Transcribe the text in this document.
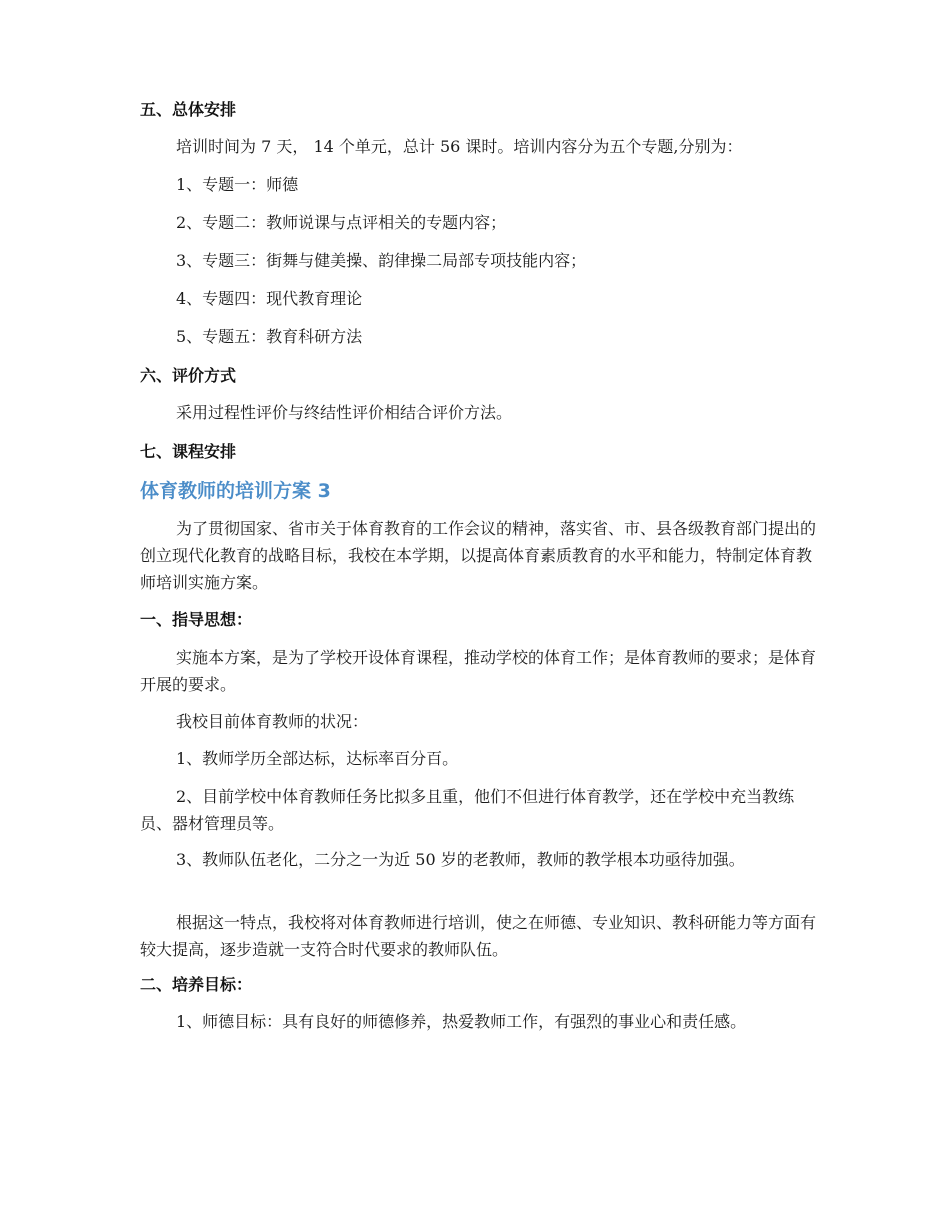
五、总体安排
培训时间为 7 天， 14 个单元，总计 56 课时。培训内容分为五个专题,分别为：
1、专题一：师德
2、专题二：教师说课与点评相关的专题内容；
3、专题三：街舞与健美操、韵律操二局部专项技能内容；
4、专题四：现代教育理论
5、专题五：教育科研方法
六、评价方式
采用过程性评价与终结性评价相结合评价方法。
七、课程安排
体育教师的培训方案 3
为了贯彻国家、省市关于体育教育的工作会议的精神，落实省、市、县各级教育部门提出的创立现代化教育的战略目标，我校在本学期，以提高体育素质教育的水平和能力，特制定体育教师培训实施方案。
一、指导思想：
实施本方案，是为了学校开设体育课程，推动学校的体育工作；是体育教师的要求；是体育开展的要求。
我校目前体育教师的状况：
1、教师学历全部达标，达标率百分百。
2、目前学校中体育教师任务比拟多且重，他们不但进行体育教学，还在学校中充当教练员、器材管理员等。
3、教师队伍老化，二分之一为近 50 岁的老教师，教师的教学根本功亟待加强。
根据这一特点，我校将对体育教师进行培训，使之在师德、专业知识、教科研能力等方面有较大提高，逐步造就一支符合时代要求的教师队伍。
二、培养目标：
1、师德目标：具有良好的师德修养，热爱教师工作，有强烈的事业心和责任感。
